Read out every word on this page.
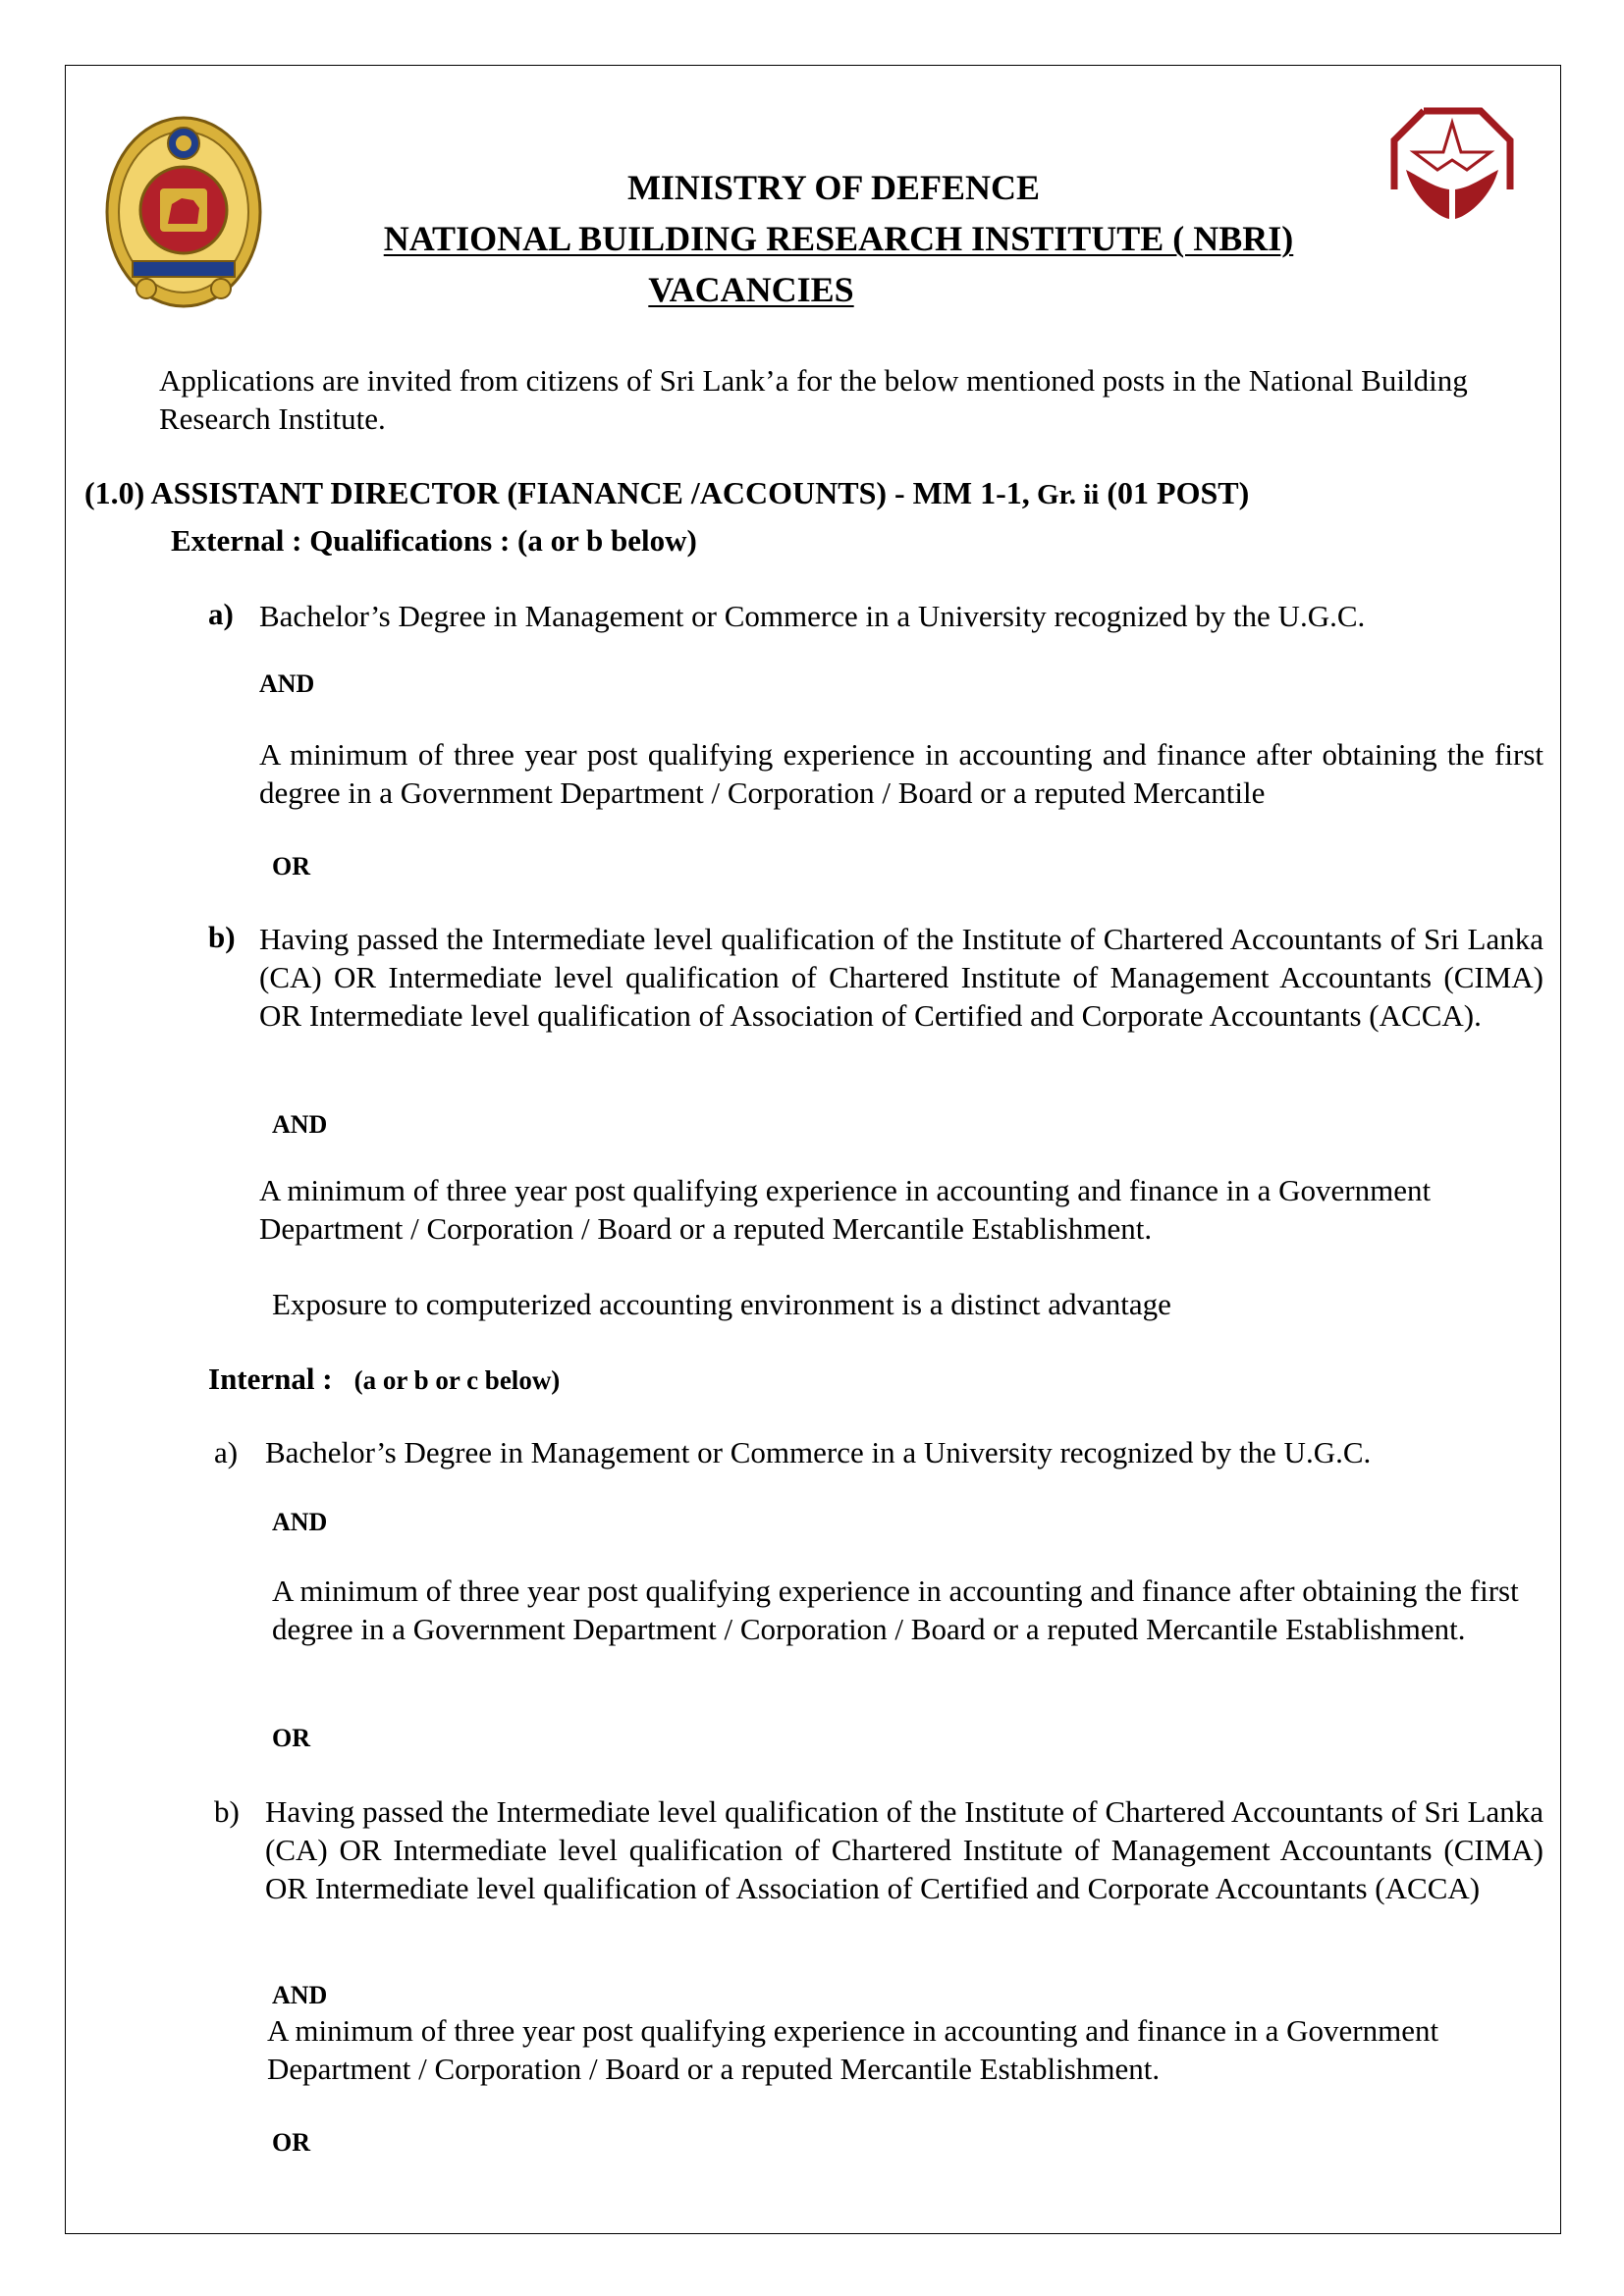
MINISTRY OF DEFENCE

NATIONAL BUILDING RESEARCH INSTITUTE ( NBRI)

VACANCIES

Applications are invited from citizens of Sri Lank’a for the below mentioned posts in the National Building Research Institute.

(1.0) ASSISTANT DIRECTOR (FIANANCE /ACCOUNTS) - MM 1-1, Gr. ii (01 POST)

External : Qualifications : (a or b below)

a) Bachelor’s Degree in Management or Commerce in a University recognized by the U.G.C.

AND

A minimum of three year post qualifying experience in accounting and finance after obtaining the first degree in a Government Department / Corporation / Board or a reputed Mercantile

OR

b) Having passed the Intermediate level qualification of the Institute of Chartered Accountants of Sri Lanka (CA) OR Intermediate level qualification of Chartered Institute of Management Accountants (CIMA) OR Intermediate level qualification of Association of Certified and Corporate Accountants (ACCA).

AND

A minimum of three year post qualifying experience in accounting and finance in a Government Department / Corporation / Board or a reputed Mercantile Establishment.

Exposure to computerized accounting environment is a distinct advantage

Internal : (a or b or c below)

a) Bachelor’s Degree in Management or Commerce in a University recognized by the U.G.C.

AND

A minimum of three year post qualifying experience in accounting and finance after obtaining the first degree in a Government Department / Corporation / Board or a reputed Mercantile Establishment.

OR

b) Having passed the Intermediate level qualification of the Institute of Chartered Accountants of Sri Lanka (CA) OR Intermediate level qualification of Chartered Institute of Management Accountants (CIMA) OR Intermediate level qualification of Association of Certified and Corporate Accountants (ACCA)

AND

A minimum of three year post qualifying experience in accounting and finance in a Government Department / Corporation / Board or a reputed Mercantile Establishment.

OR
